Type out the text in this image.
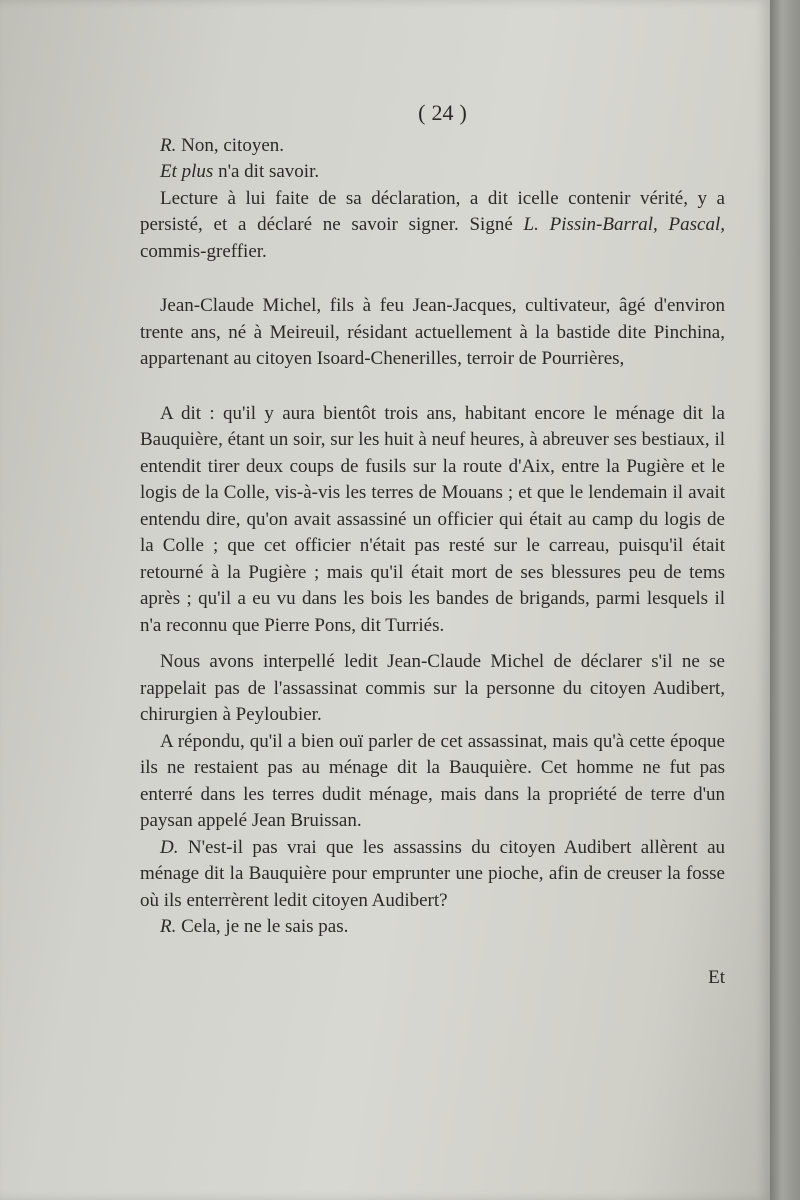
( 24 )

R. Non, citoyen.

Et plus n'a dit savoir.

Lecture à lui faite de sa déclaration, a dit icelle contenir vérité, y a persisté, et a déclaré ne savoir signer. Signé L. Pissin-Barral, Pascal, commis-greffier.

Jean-Claude Michel, fils à feu Jean-Jacques, cultivateur, âgé d'environ trente ans, né à Meireuil, résidant actuellement à la bastide dite Pinchina, appartenant au citoyen Isoard-Chenerilles, terroir de Pourrières,

A dit : qu'il y aura bientôt trois ans, habitant encore le ménage dit la Bauquière, étant un soir, sur les huit à neuf heures, à abreuver ses bestiaux, il entendit tirer deux coups de fusils sur la route d'Aix, entre la Pugière et le logis de la Colle, vis-à-vis les terres de Mouans ; et que le lendemain il avait entendu dire, qu'on avait assassiné un officier qui était au camp du logis de la Colle ; que cet officier n'était pas resté sur le carreau, puisqu'il était retourné à la Pugière ; mais qu'il était mort de ses blessures peu de tems après ; qu'il a eu vu dans les bois les bandes de brigands, parmi lesquels il n'a reconnu que Pierre Pons, dit Turriés.

Nous avons interpellé ledit Jean-Claude Michel de déclarer s'il ne se rappelait pas de l'assassinat commis sur la personne du citoyen Audibert, chirurgien à Peyloubier.

A répondu, qu'il a bien ouï parler de cet assassinat, mais qu'à cette époque ils ne restaient pas au ménage dit la Bauquière. Cet homme ne fut pas enterré dans les terres dudit ménage, mais dans la propriété de terre d'un paysan appelé Jean Bruissan.

D. N'est-il pas vrai que les assassins du citoyen Audibert allèrent au ménage dit la Bauquière pour emprunter une pioche, afin de creuser la fosse où ils enterrèrent ledit citoyen Audibert?

R. Cela, je ne le sais pas.

Et
